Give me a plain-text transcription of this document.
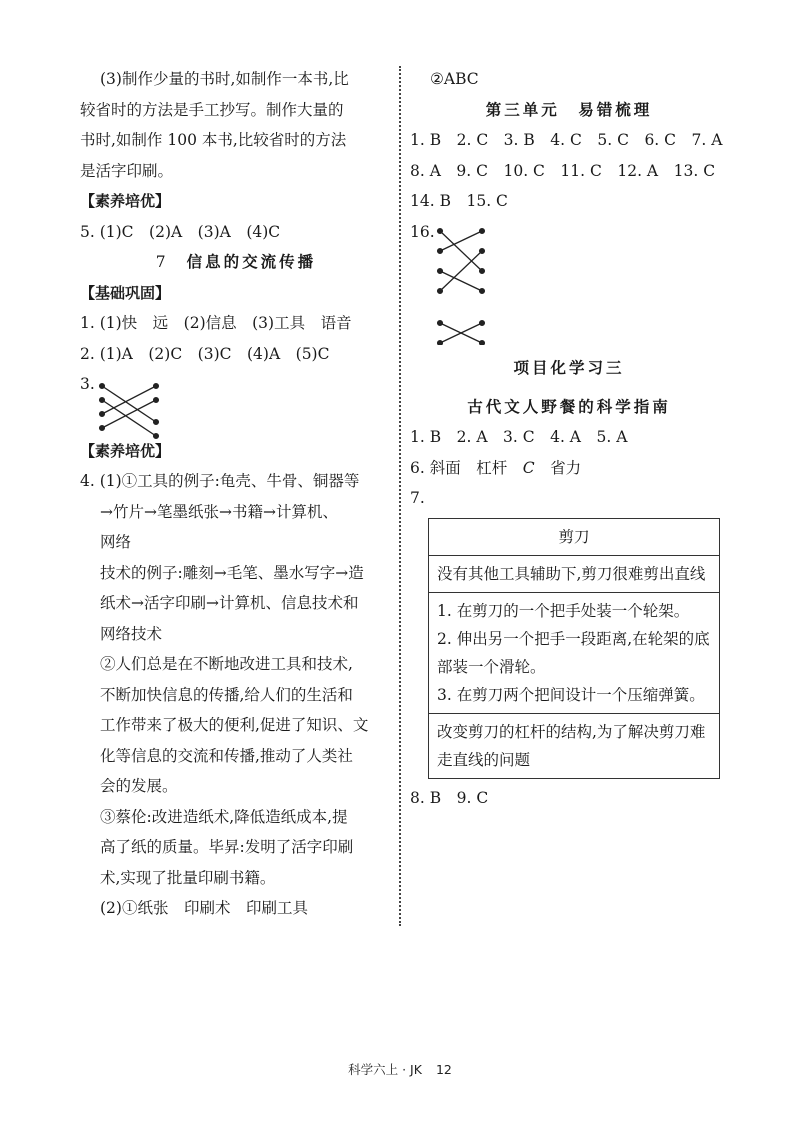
(3)制作少量的书时,如制作一本书,比
较省时的方法是手工抄写。制作大量的
书时,如制作 100 本书,比较省时的方法
是活字印刷。
【素养培优】
5. (1)C　(2)A　(3)A　(4)C
7 信息的交流传播
【基础巩固】
1. (1)快　远　(2)信息　(3)工具　语音
2. (1)A　(2)C　(3)C　(4)A　(5)C
3.
【素养培优】
4. (1)①工具的例子:龟壳、牛骨、铜器等
→竹片→笔墨纸张→书籍→计算机、
网络
技术的例子:雕刻→毛笔、墨水写字→造
纸术→活字印刷→计算机、信息技术和
网络技术
②人们总是在不断地改进工具和技术,
不断加快信息的传播,给人们的生活和
工作带来了极大的便利,促进了知识、文
化等信息的交流和传播,推动了人类社
会的发展。
③蔡伦:改进造纸术,降低造纸成本,提
高了纸的质量。毕昇:发明了活字印刷
术,实现了批量印刷书籍。
(2)①纸张　印刷术　印刷工具
②ABC
第三单元　易错梳理
1. B　2. C　3. B　4. C　5. C　6. C　7. A
8. A　9. C　10. C　11. C　12. A　13. C
14. B　15. C
16.
项目化学习三
古代文人野餐的科学指南
1. B　2. A　3. C　4. A　5. A
6. 斜面　杠杆　C　省力
7.
剪刀
没有其他工具辅助下,剪刀很难剪出直线

1. 在剪刀的一个把手处装一个轮架。
2. 伸出另一个把手一段距离,在轮架的底部装一个滑轮。
3. 在剪刀两个把间设计一个压缩弹簧。

改变剪刀的杠杆的结构,为了解决剪刀难走直线的问题
8. B　9. C
科学六上 · JK 12
